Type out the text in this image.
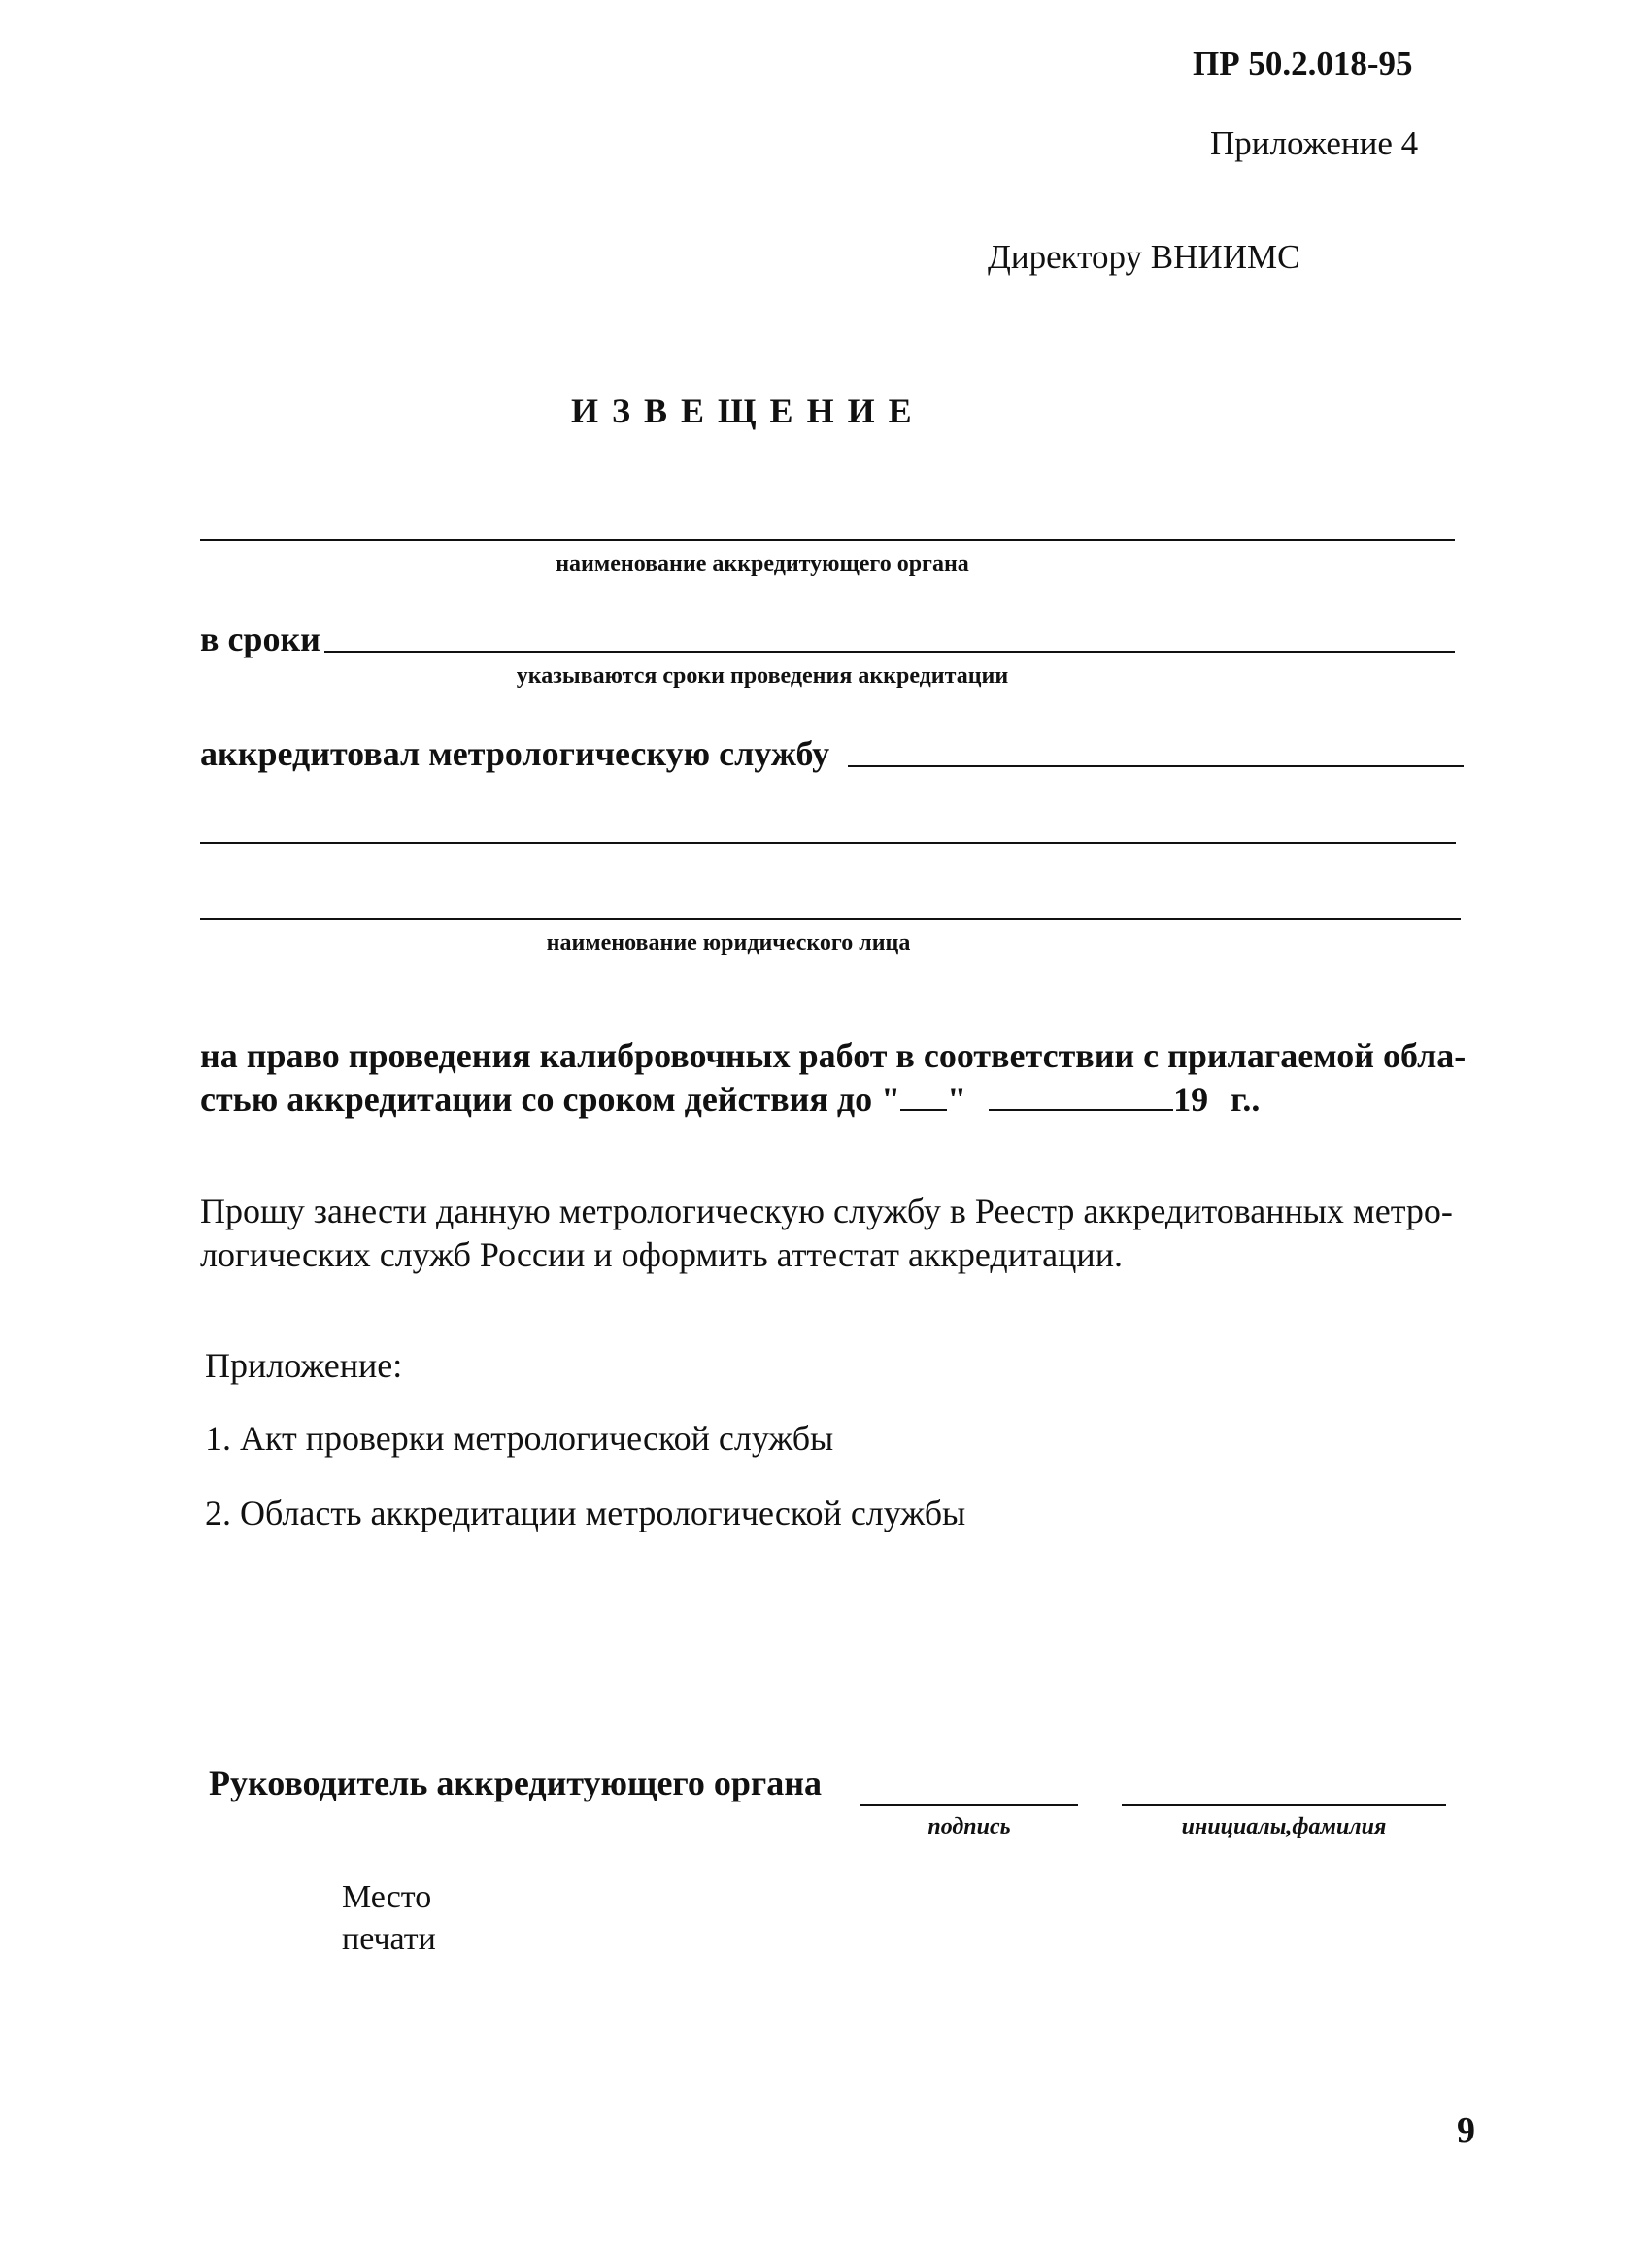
ПР 50.2.018-95
Приложение 4
Директору ВНИИМС
ИЗВЕЩЕНИЕ
наименование аккредитующего органа
в сроки
указываются сроки проведения аккредитации
аккредитовал метрологическую службу
наименование юридического лица
на право проведения калибровочных работ в соответствии с прилагаемой обла-
стью аккредитации со сроком действия до " "	19 г..
Прошу занести данную метрологическую службу в Реестр аккредитованных метро-
логических служб России и оформить аттестат аккредитации.
Приложение:
1. Акт проверки метрологической службы
2. Область аккредитации метрологической службы
Руководитель аккредитующего органа
подпись	инициалы,фамилия
Место
печати
9
